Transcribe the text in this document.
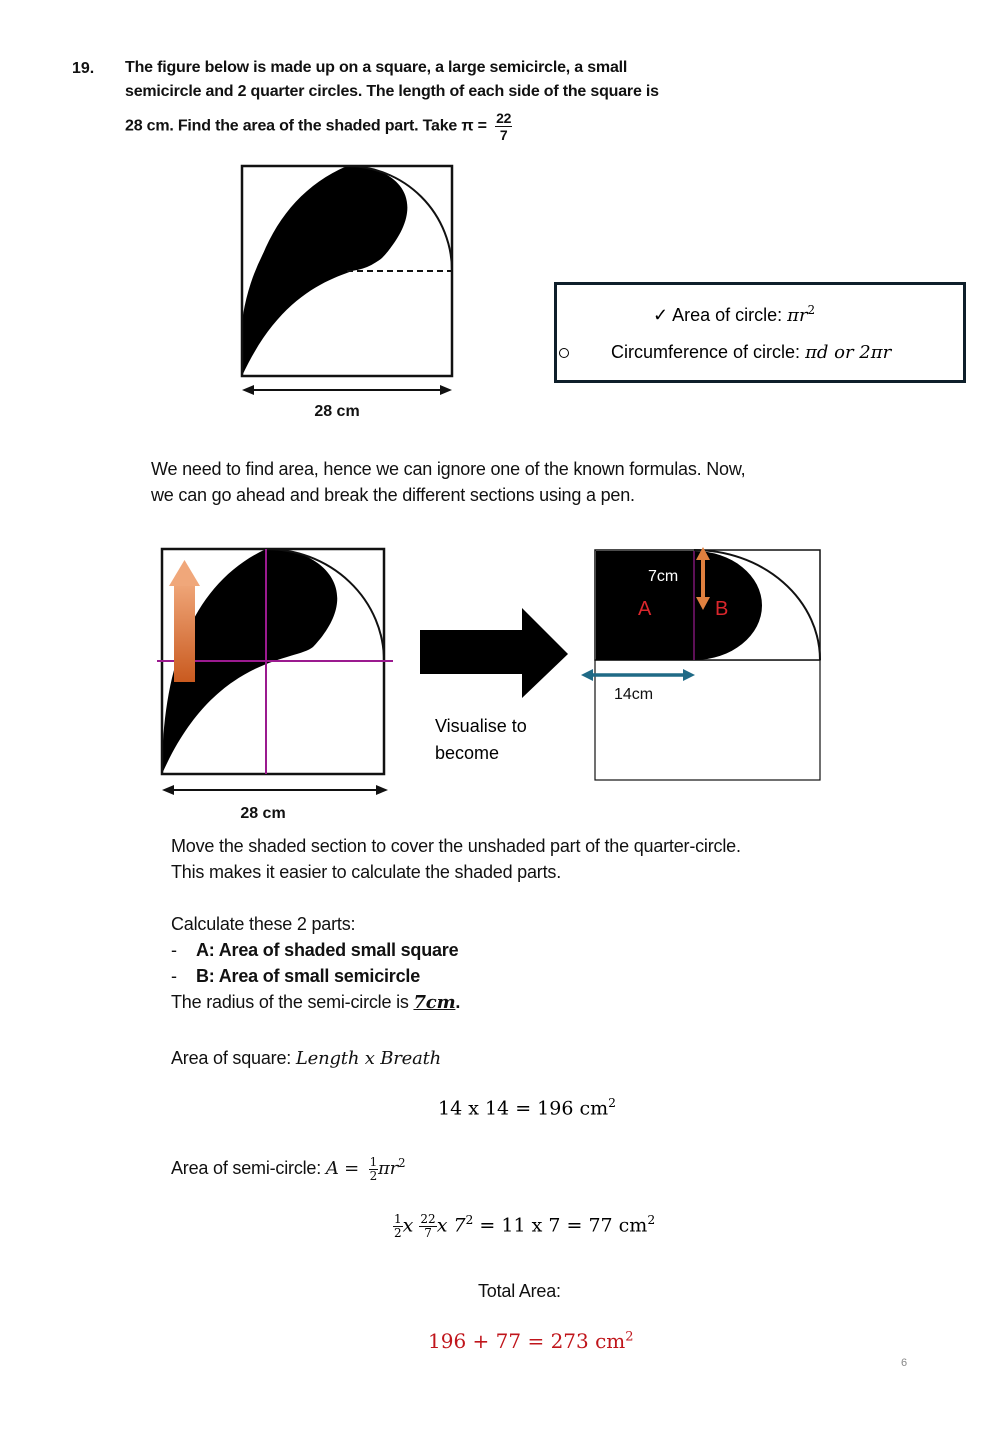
19. The figure below is made up on a square, a large semicircle, a small
semicircle and 2 quarter circles. The length of each side of the square is
28 cm. Find the area of the shaded part. Take $\pi = \frac{22}{7}$
28 cm
✓ Area of circle: $\pi r^2$
Circumference of circle: πd or 2πr
We need to find area, hence we can ignore one of the known formulas. Now,
we can go ahead and break the different sections using a pen.
28 cm
Visualise to
become
7cm
A	B
14cm
Move the shaded section to cover the unshaded part of the quarter-circle.
This makes it easier to calculate the shaded parts.
Calculate these 2 parts:
- A: Area of shaded small square
- B: Area of small semicircle
The radius of the semi-circle is 7cm.
Area of square: Length x Breath
14 x 14 = 196 $cm^2$
Area of semi-circle: $A = \frac{1}{2} \pi r^2$
$\frac{1}{2}$ x $\frac{22}{7}$ x $7^2 = 11$ x 7 = 77 $cm^2$
Total Area:
196 + 77 = 273 $cm^2$
6
